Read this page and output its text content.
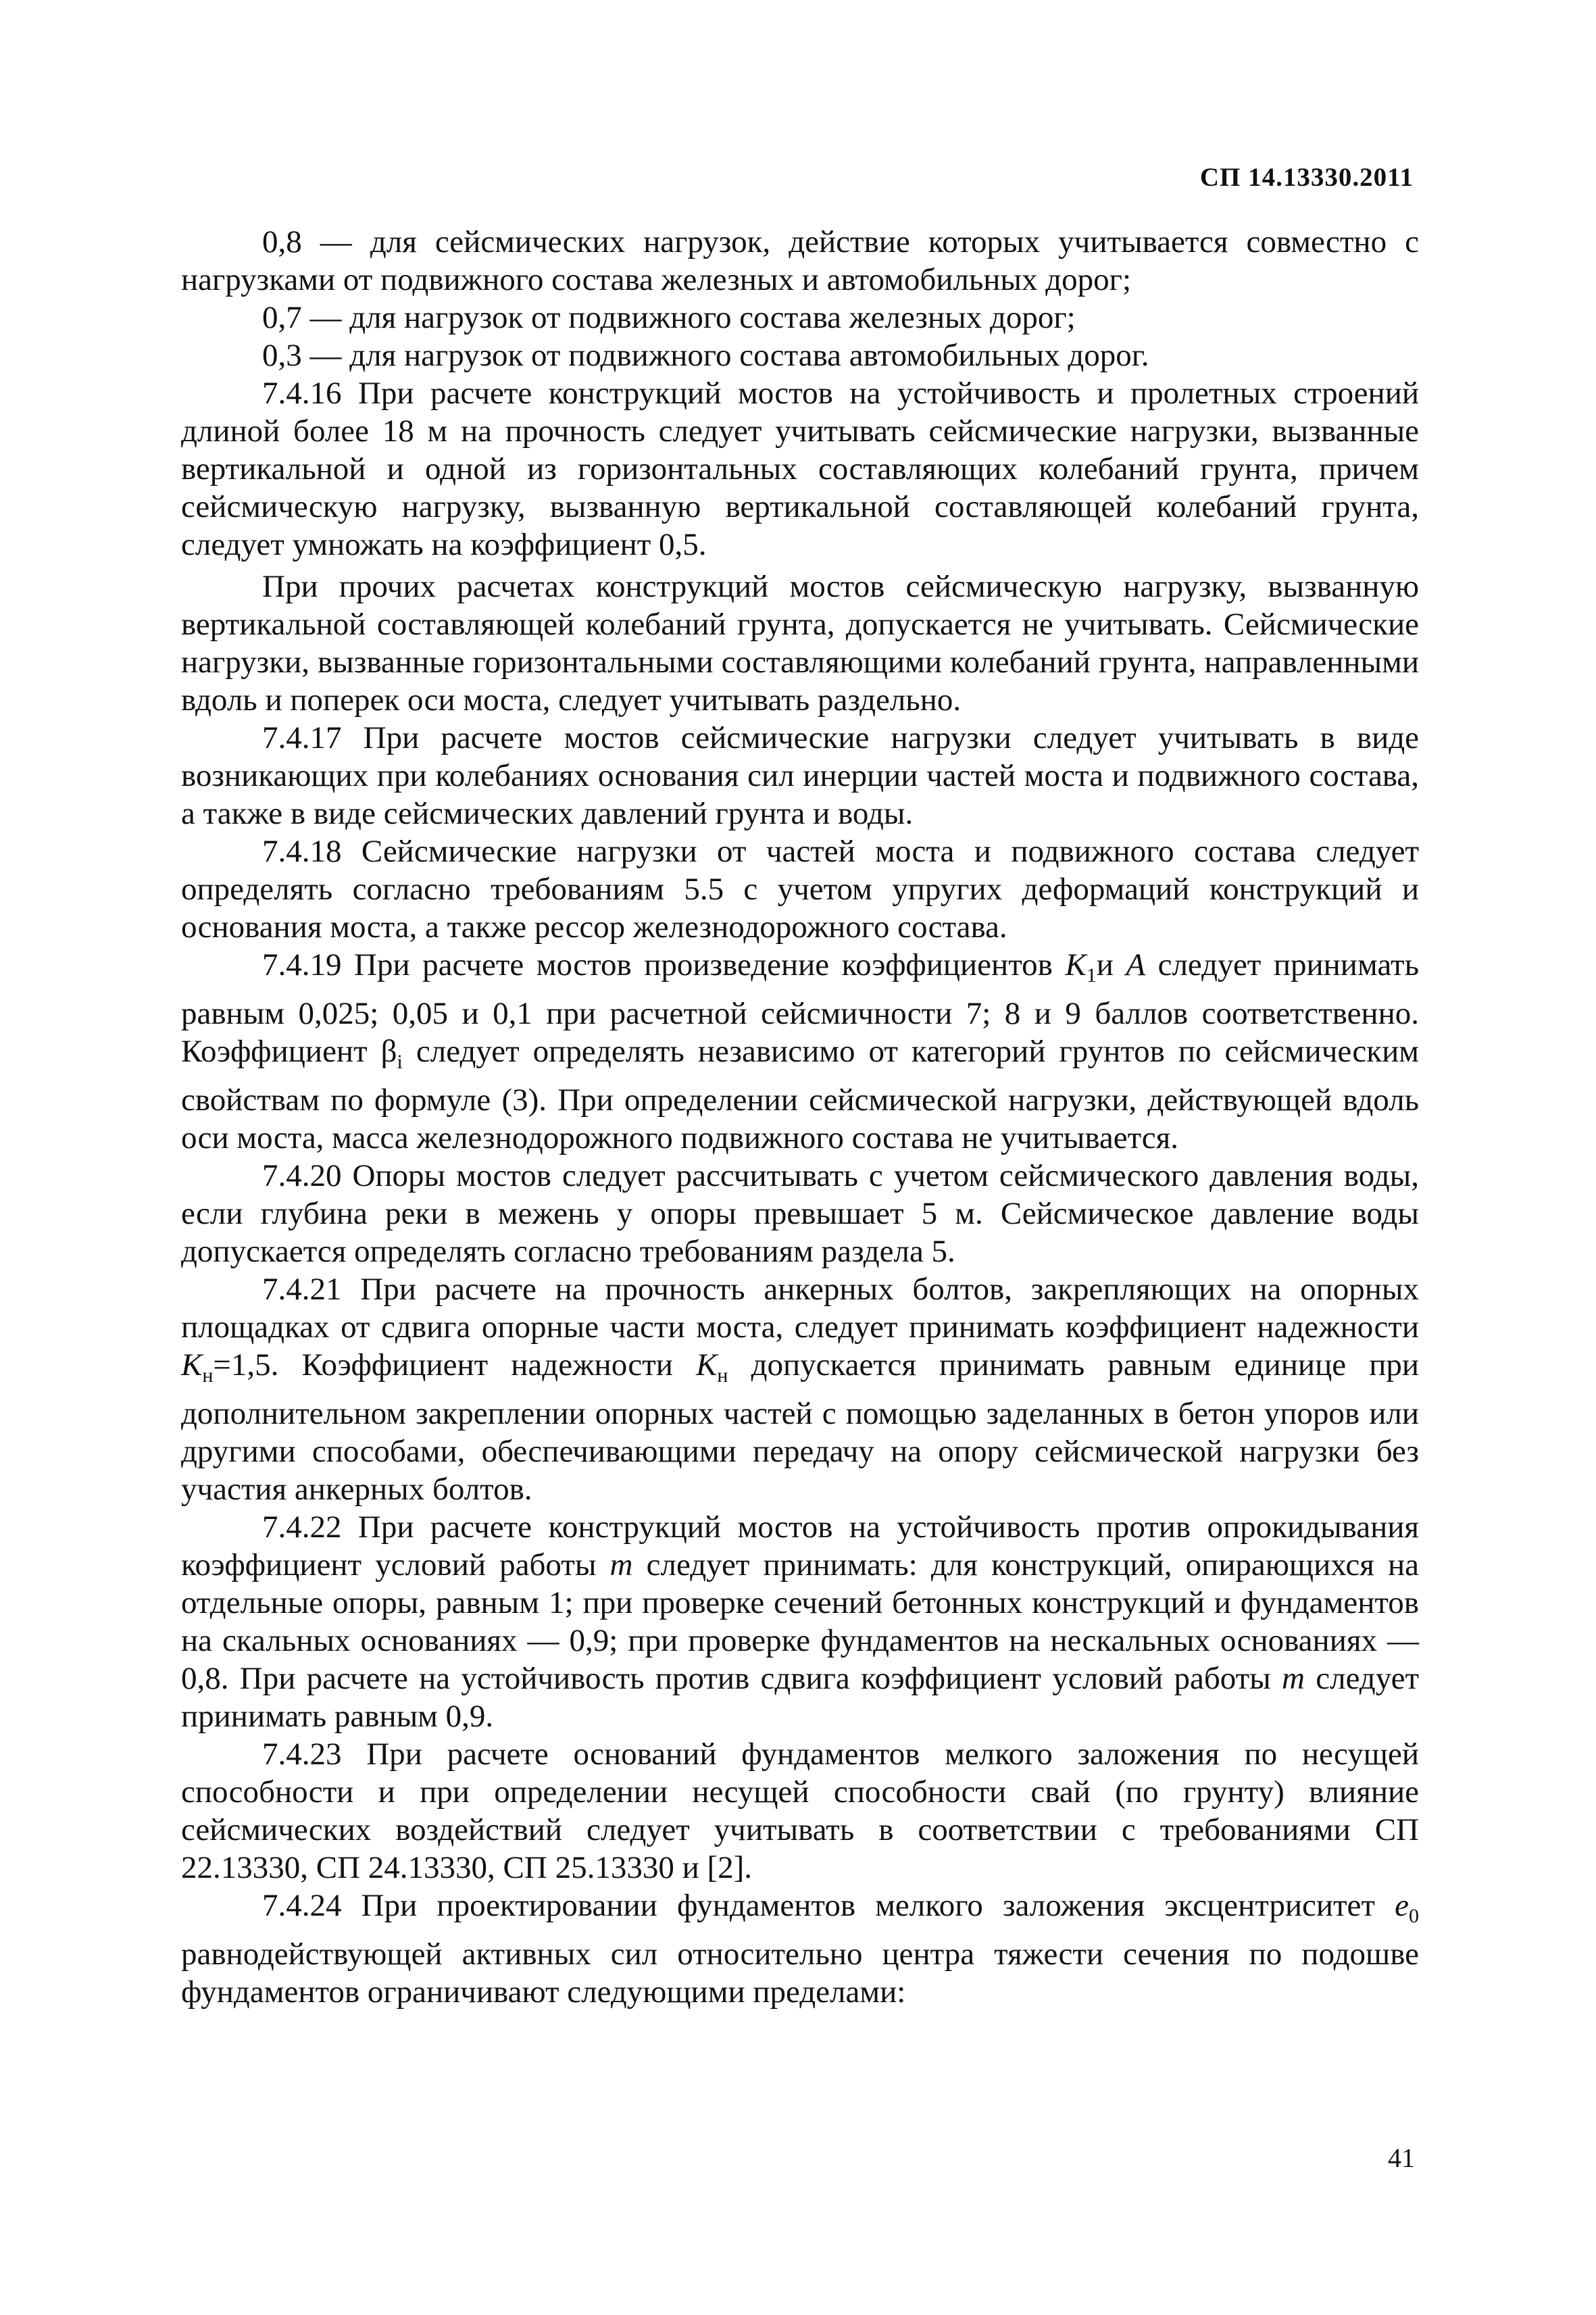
СП 14.13330.2011

0,8 — для сейсмических нагрузок, действие которых учитывается совместно с нагрузками от подвижного состава железных и автомобильных дорог;

0,7 — для нагрузок от подвижного состава железных дорог;

0,3 — для нагрузок от подвижного состава автомобильных дорог.

7.4.16 При расчете конструкций мостов на устойчивость и пролетных строений длиной более 18 м на прочность следует учитывать сейсмические нагрузки, вызванные вертикальной и одной из горизонтальных составляющих колебаний грунта, причем сейсмическую нагрузку, вызванную вертикальной составляющей колебаний грунта, следует умножать на коэффициент 0,5.

При прочих расчетах конструкций мостов сейсмическую нагрузку, вызванную вертикальной составляющей колебаний грунта, допускается не учитывать. Сейсмические нагрузки, вызванные горизонтальными составляющими колебаний грунта, направленными вдоль и поперек оси моста, следует учитывать раздельно.

7.4.17 При расчете мостов сейсмические нагрузки следует учитывать в виде возникающих при колебаниях основания сил инерции частей моста и подвижного состава, а также в виде сейсмических давлений грунта и воды.

7.4.18 Сейсмические нагрузки от частей моста и подвижного состава следует определять согласно требованиям 5.5 с учетом упругих деформаций конструкций и основания моста, а также рессор железнодорожного состава.

7.4.19 При расчете мостов произведение коэффициентов $K_1и$ A следует принимать равным 0,025; 0,05 и 0,1 при расчетной сейсмичности 7; 8 и 9 баллов соответственно. Коэффициент $\beta_i$ следует определять независимо от категорий грунтов по сейсмическим свойствам по формуле (3). При определении сейсмической нагрузки, действующей вдоль оси моста, масса железнодорожного подвижного состава не учитывается.

7.4.20 Опоры мостов следует рассчитывать с учетом сейсмического давления воды, если глубина реки в межень у опоры превышает 5 м. Сейсмическое давление воды допускается определять согласно требованиям раздела 5.

7.4.21 При расчете на прочность анкерных болтов, закрепляющих на опорных площадках от сдвига опорные части моста, следует принимать коэффициент надежности $K_н=1,5$. Коэффициент надежности $K_н$ допускается принимать равным единице при дополнительном закреплении опорных частей с помощью заделанных в бетон упоров или другими способами, обеспечивающими передачу на опору сейсмической нагрузки без участия анкерных болтов.

7.4.22 При расчете конструкций мостов на устойчивость против опрокидывания коэффициент условий работы m следует принимать: для конструкций, опирающихся на отдельные опоры, равным 1; при проверке сечений бетонных конструкций и фундаментов на скальных основаниях — 0,9; при проверке фундаментов на нескальных основаниях — 0,8. При расчете на устойчивость против сдвига коэффициент условий работы m следует принимать равным 0,9.

7.4.23 При расчете оснований фундаментов мелкого заложения по несущей способности и при определении несущей способности свай (по грунту) влияние сейсмических воздействий следует учитывать в соответствии с требованиями СП 22.13330, СП 24.13330, СП 25.13330 и [2].

7.4.24 При проектировании фундаментов мелкого заложения эксцентриситет $e_0$ равнодействующей активных сил относительно центра тяжести сечения по подошве фундаментов ограничивают следующими пределами:

41
